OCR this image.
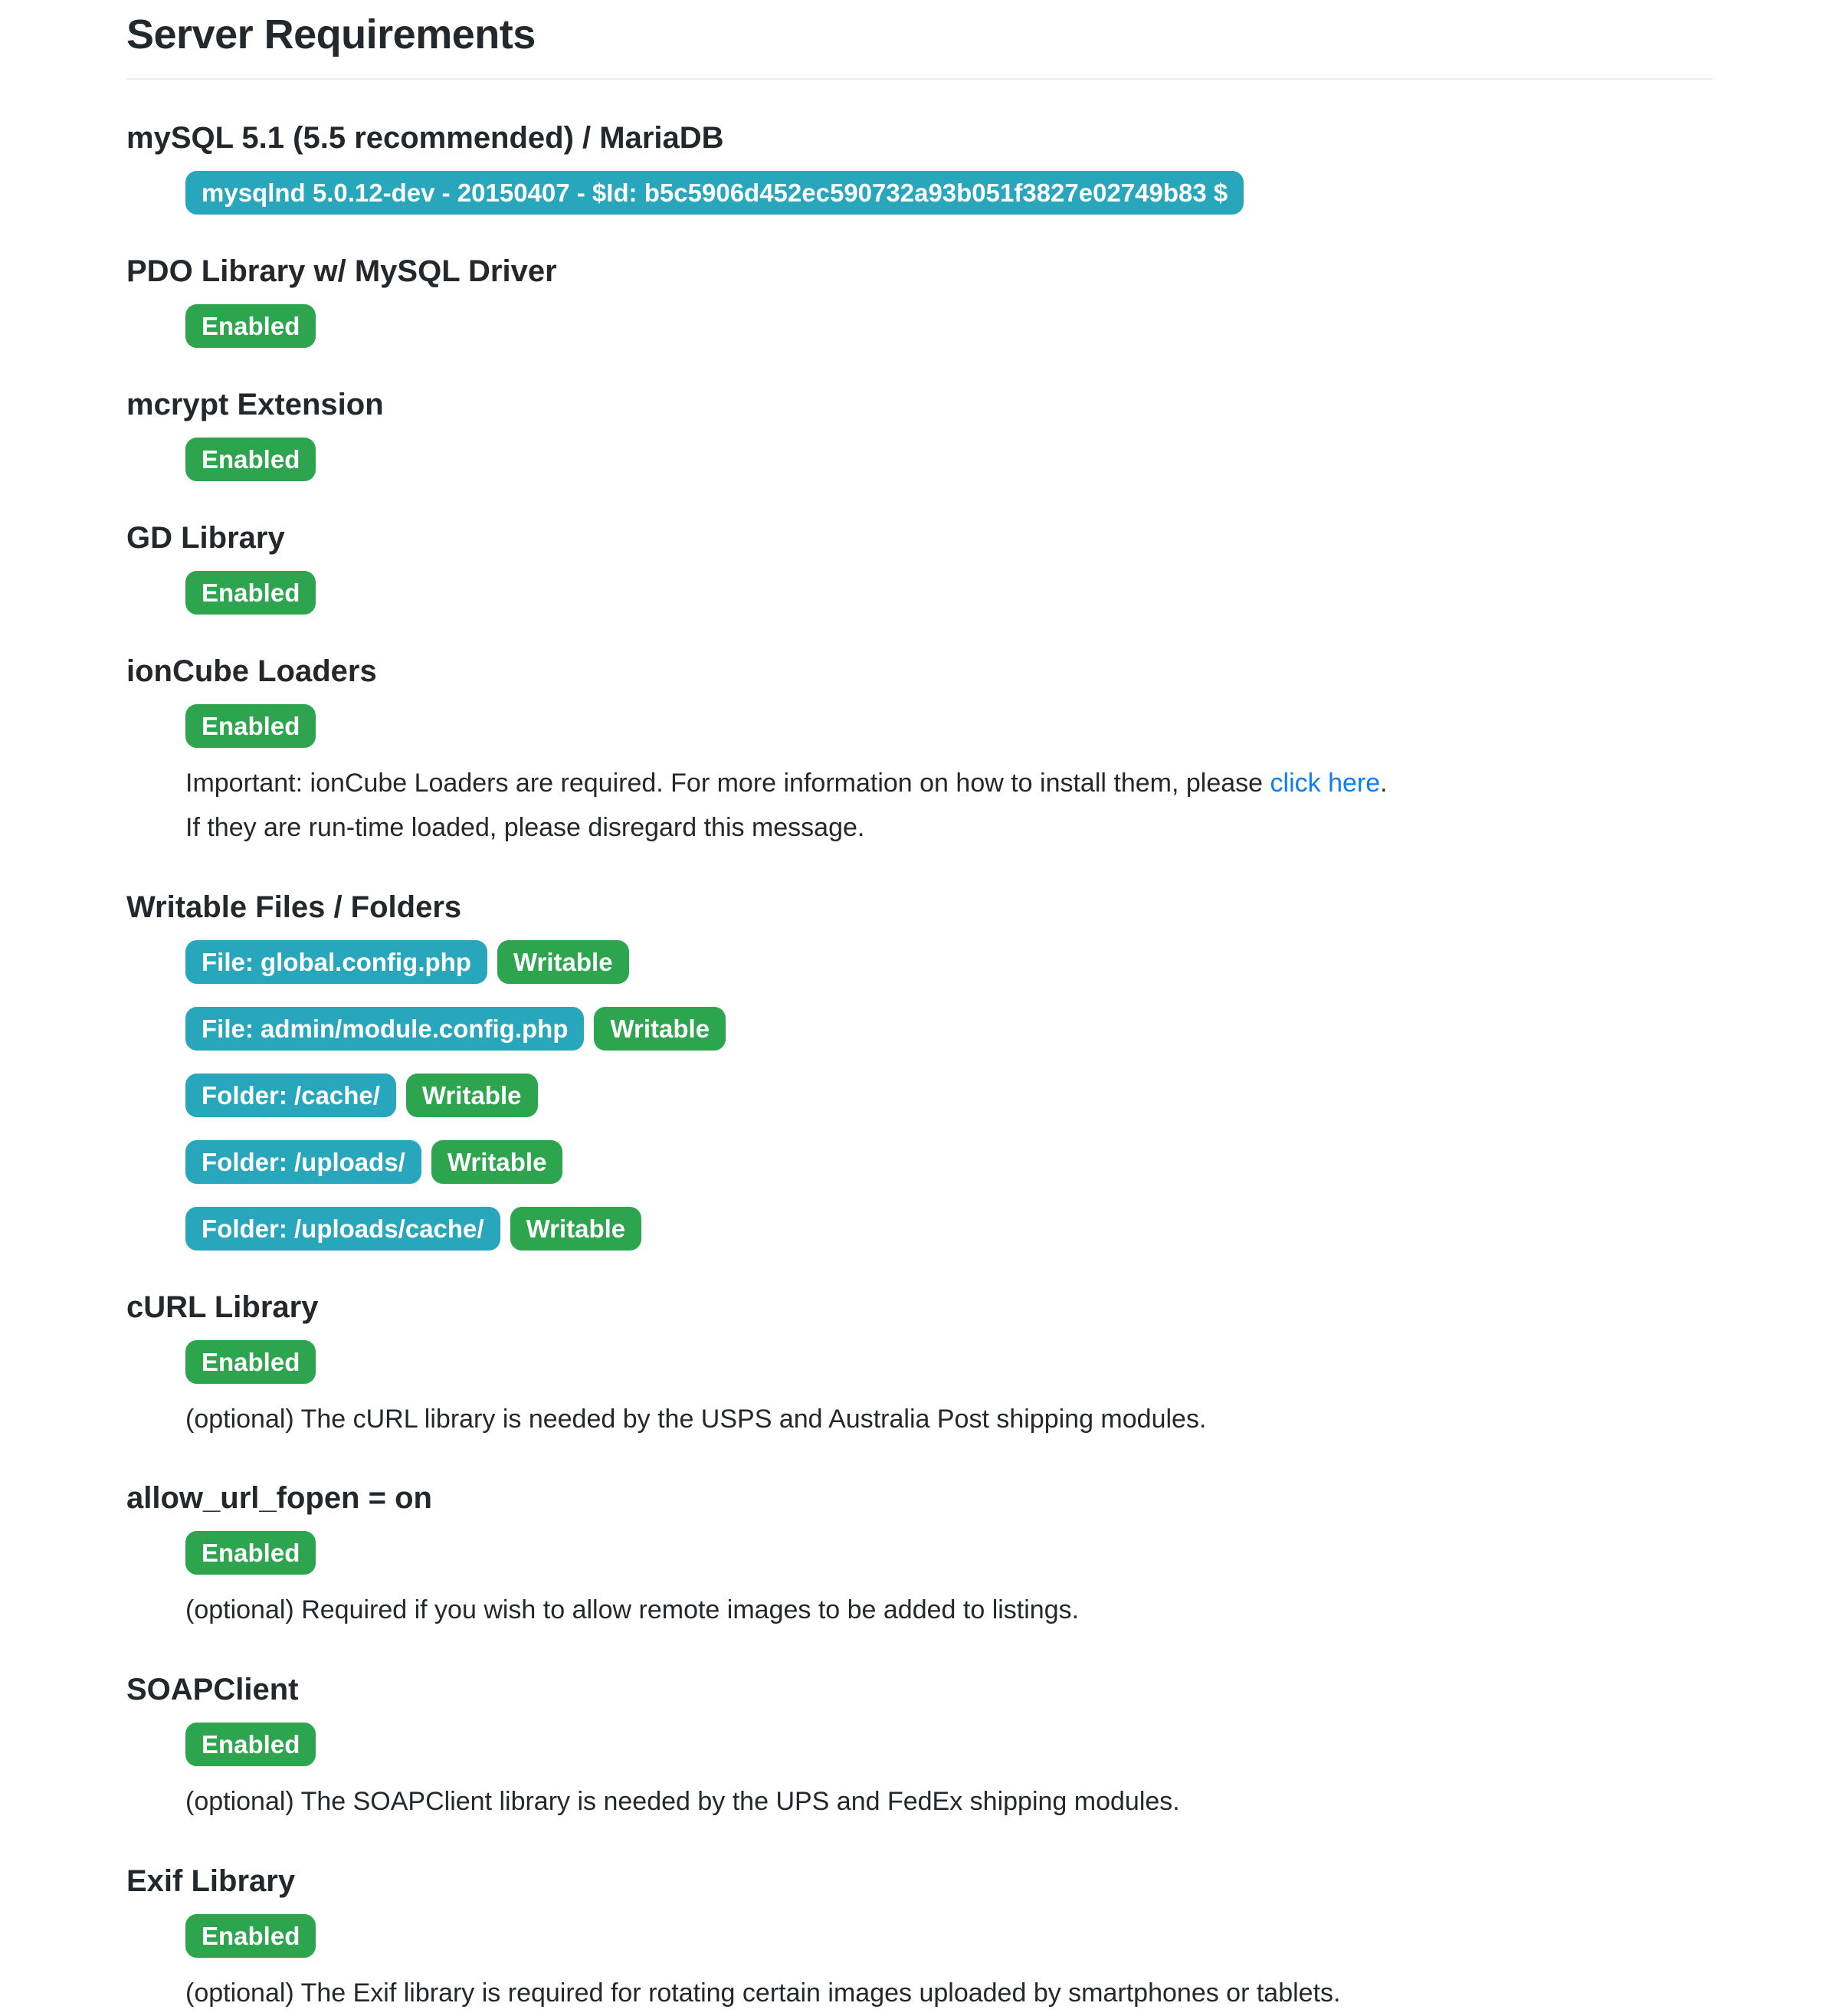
Server Requirements
mySQL 5.1 (5.5 recommended) / MariaDB
mysqlnd 5.0.12-dev - 20150407 - $Id: b5c5906d452ec590732a93b051f3827e02749b83 $
PDO Library w/ MySQL Driver
Enabled
mcrypt Extension
Enabled
GD Library
Enabled
ionCube Loaders
Enabled
Important: ionCube Loaders are required. For more information on how to install them, please click here.
If they are run-time loaded, please disregard this message.
Writable Files / Folders
File: global.config.php	Writable
File: admin/module.config.php	Writable
Folder: /cache/	Writable
Folder: /uploads/	Writable
Folder: /uploads/cache/	Writable
cURL Library
Enabled
(optional) The cURL library is needed by the USPS and Australia Post shipping modules.
allow_url_fopen = on
Enabled
(optional) Required if you wish to allow remote images to be added to listings.
SOAPClient
Enabled
(optional) The SOAPClient library is needed by the UPS and FedEx shipping modules.
Exif Library
Enabled
(optional) The Exif library is required for rotating certain images uploaded by smartphones or tablets.
